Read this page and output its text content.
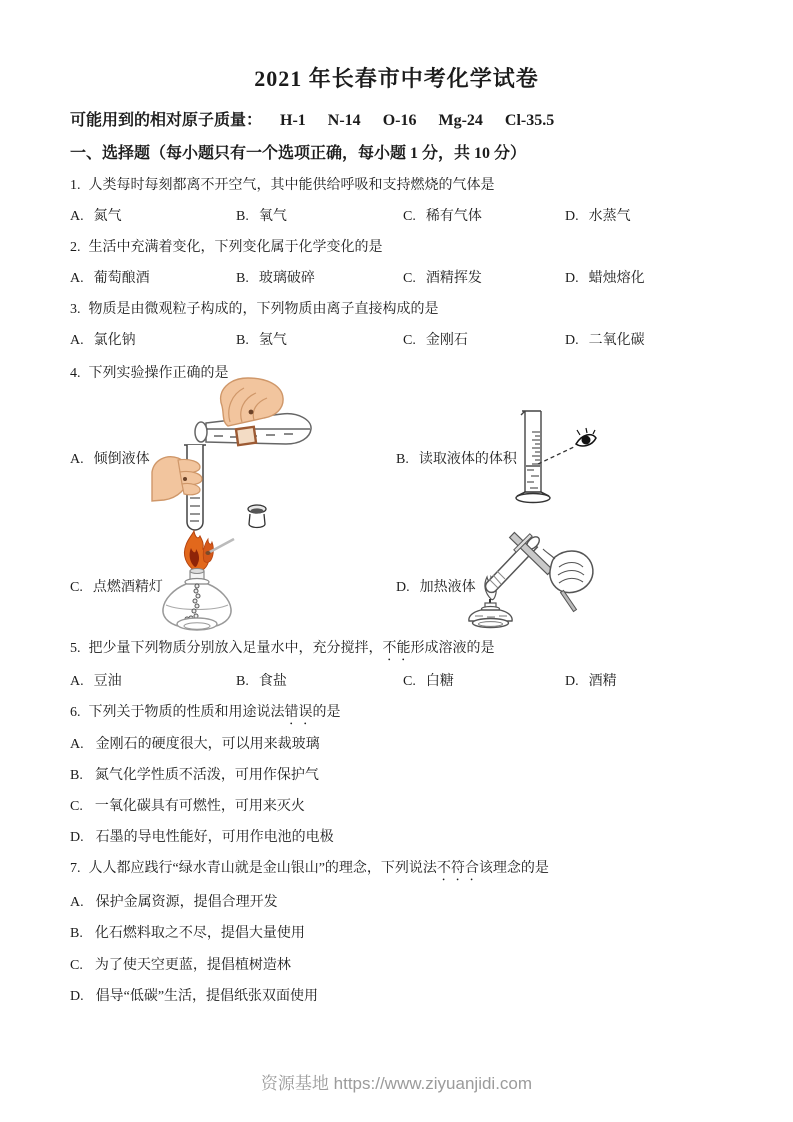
2021 年长春市中考化学试卷
可能用到的相对原子质量： H-1 N-14 O-16 Mg-24 Cl-35.5
一、选择题（每小题只有一个选项正确，每小题 1 分，共 10 分）
1. 人类每时每刻都离不开空气，其中能供给呼吸和支持燃烧的气体是
A. 氮气	B. 氧气	C. 稀有气体	D. 水蒸气
2. 生活中充满着变化，下列变化属于化学变化的是
A. 葡萄酿酒	B. 玻璃破碎	C. 酒精挥发	D. 蜡烛熔化
3. 物质是由微观粒子构成的，下列物质由离子直接构成的是
A. 氯化钠	B. 氢气	C. 金刚石	D. 二氧化碳
4. 下列实验操作正确的是
A. 倾倒液体	B. 读取液体的体积
C. 点燃酒精灯	D. 加热液体
5. 把少量下列物质分别放入足量水中，充分搅拌，不能形成溶液的是
A. 豆油	B. 食盐	C. 白糖	D. 酒精
6. 下列关于物质的性质和用途说法错误的是
A. 金刚石的硬度很大，可以用来裁玻璃
B. 氮气化学性质不活泼，可用作保护气
C. 一氧化碳具有可燃性，可用来灭火
D. 石墨的导电性能好，可用作电池的电极
7. 人人都应践行“绿水青山就是金山银山”的理念，下列说法不符合该理念的是
A. 保护金属资源，提倡合理开发
B. 化石燃料取之不尽，提倡大量使用
C. 为了使天空更蓝，提倡植树造林
D. 倡导“低碳”生活，提倡纸张双面使用
资源基地 https://www.ziyuanjidi.com
